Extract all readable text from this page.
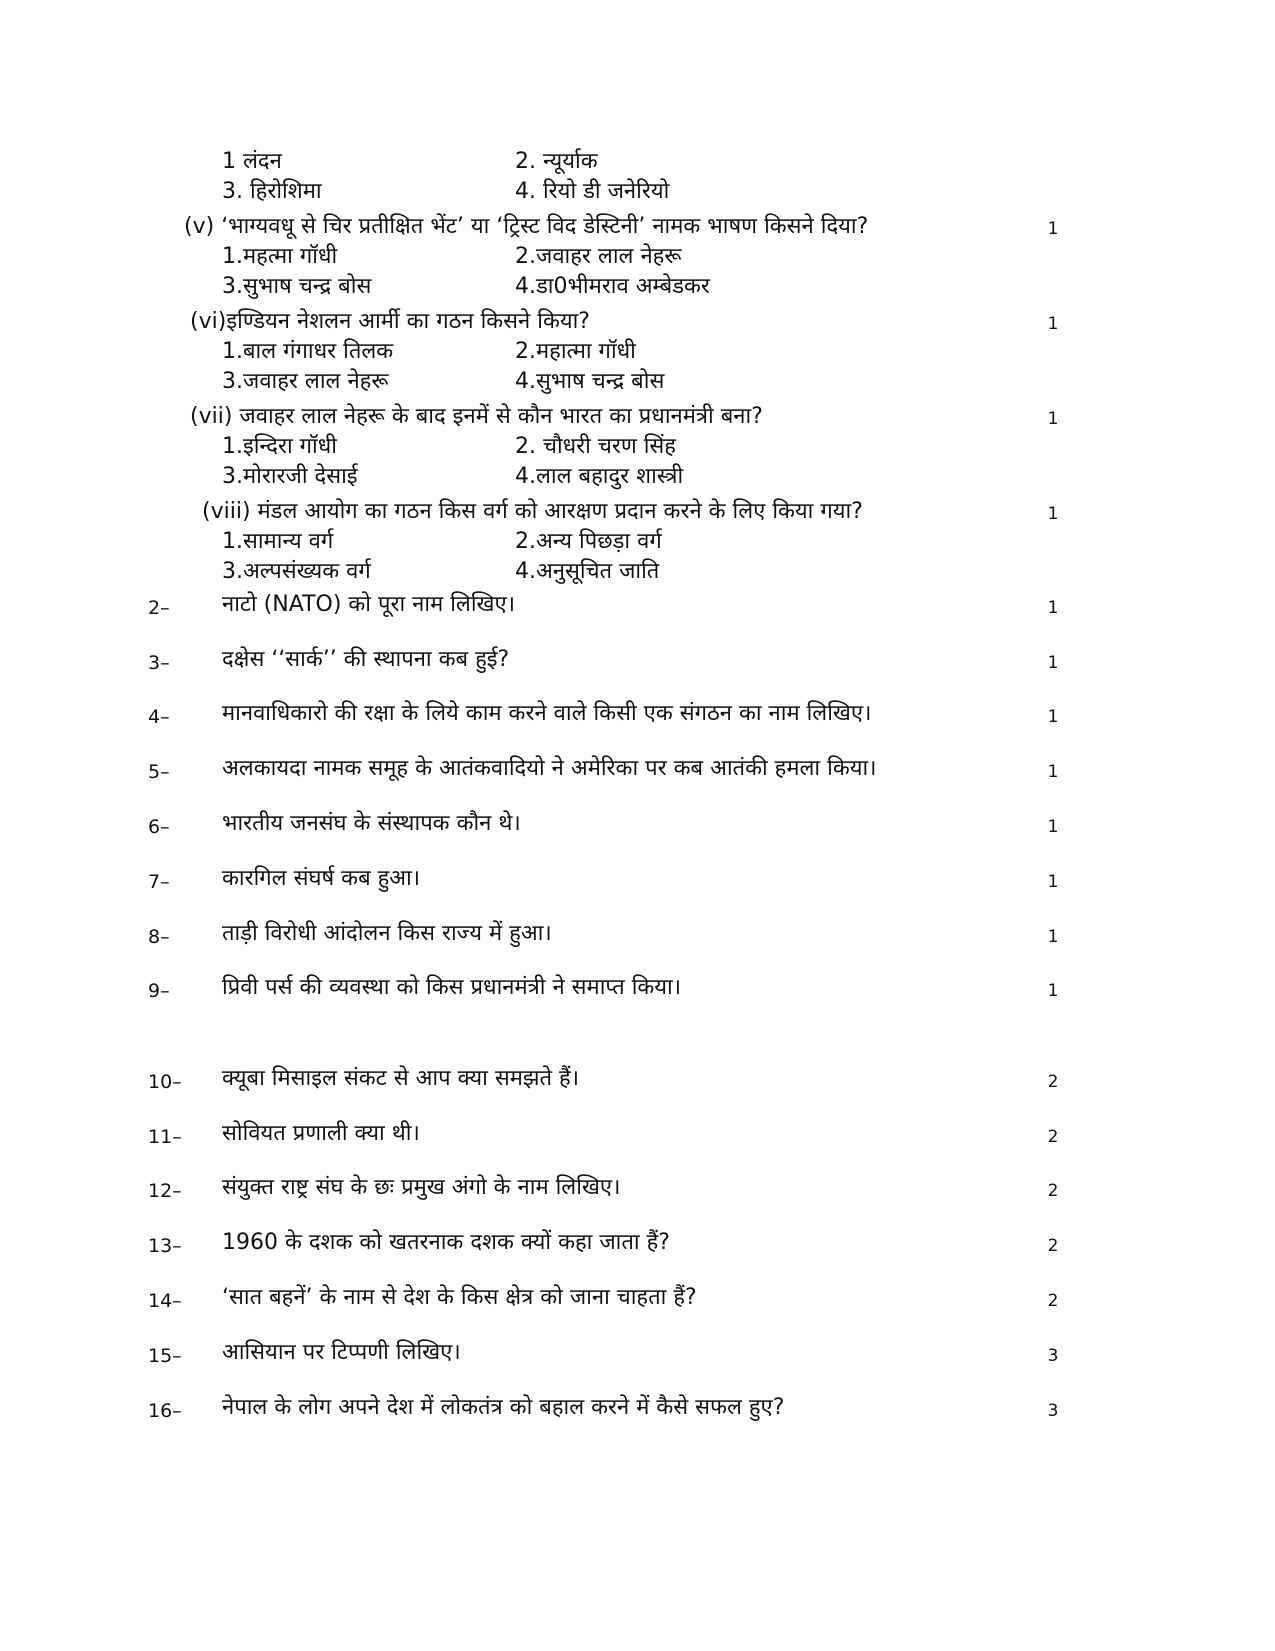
1 लंदन	2. न्यूर्याक
3. हिरोशिमा	4. रियो डी जनेरियो
(v) ‘भाग्यवधू से चिर प्रतीक्षित भेंट’ या ‘ट्रिस्ट विद डेस्टिनी’ नामक भाषण किसने दिया?	1
1.महत्मा गॉधी	2.जवाहर लाल नेहरू
3.सुभाष चन्द्र बोस	4.डा0भीमराव अम्बेडकर
(vi)इण्डियन नेशलन आर्मी का गठन किसने किया?	1
1.बाल गंगाधर तिलक	2.महात्मा गॉधी
3.जवाहर लाल नेहरू	4.सुभाष चन्द्र बोस
(vii) जवाहर लाल नेहरू के बाद इनमें से कौन भारत का प्रधानमंत्री बना?	1
1.इन्दिरा गॉधी	2. चौधरी चरण सिंह
3.मोरारजी देसाई	4.लाल बहादुर शास्त्री
(viii) मंडल आयोग का गठन किस वर्ग को आरक्षण प्रदान करने के लिए किया गया?	1
1.सामान्य वर्ग	2.अन्य पिछड़ा वर्ग
3.अल्पसंख्यक वर्ग	4.अनुसूचित जाति
2– नाटो (NATO) को पूरा नाम लिखिए।	1
3– दक्षेस ‘‘सार्क’’ की स्थापना कब हुई?	1
4– मानवाधिकारो की रक्षा के लिये काम करने वाले किसी एक संगठन का नाम लिखिए।	1
5– अलकायदा नामक समूह के आतंकवादियो ने अमेरिका पर कब आतंकी हमला किया।	1
6– भारतीय जनसंघ के संस्थापक कौन थे।	1
7– कारगिल संघर्ष कब हुआ।	1
8– ताड़ी विरोधी आंदोलन किस राज्य में हुआ।	1
9– प्रिवी पर्स की व्यवस्था को किस प्रधानमंत्री ने समाप्त किया।	1
10– क्यूबा मिसाइल संकट से आप क्या समझते हैं।	2
11– सोवियत प्रणाली क्या थी।	2
12– संयुक्त राष्ट्र संघ के छः प्रमुख अंगो के नाम लिखिए।	2
13– 1960 के दशक को खतरनाक दशक क्यों कहा जाता हैं?	2
14– ‘सात बहनें’ के नाम से देश के किस क्षेत्र को जाना चाहता हैं?	2
15– आसियान पर टिप्पणी लिखिए।	3
16– नेपाल के लोग अपने देश में लोकतंत्र को बहाल करने में कैसे सफल हुए?	3
